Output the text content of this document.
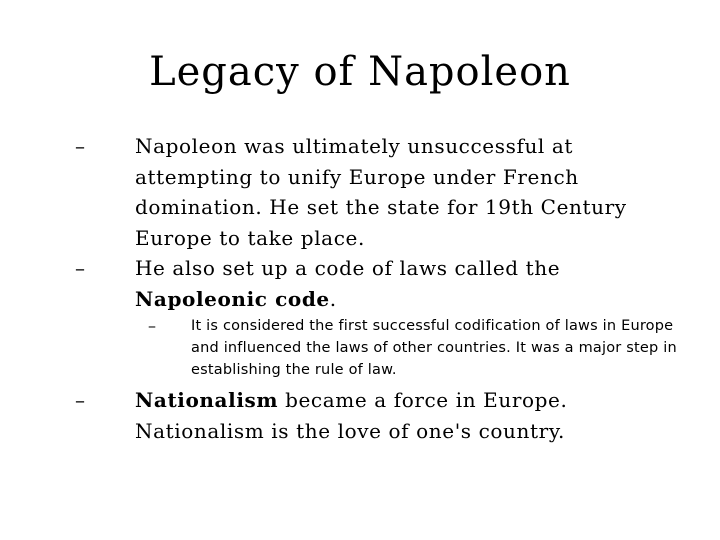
Legacy of Napoleon
–	Napoleon was ultimately unsuccessful at attempting to unify Europe under French domination. He set the state for 19th Century Europe to take place.
–	He also set up a code of laws called the Napoleonic code.
– It is considered the first successful codification of laws in Europe and influenced the laws of other countries. It was a major step in establishing the rule of law.
–	Nationalism became a force in Europe. Nationalism is the love of one's country.
